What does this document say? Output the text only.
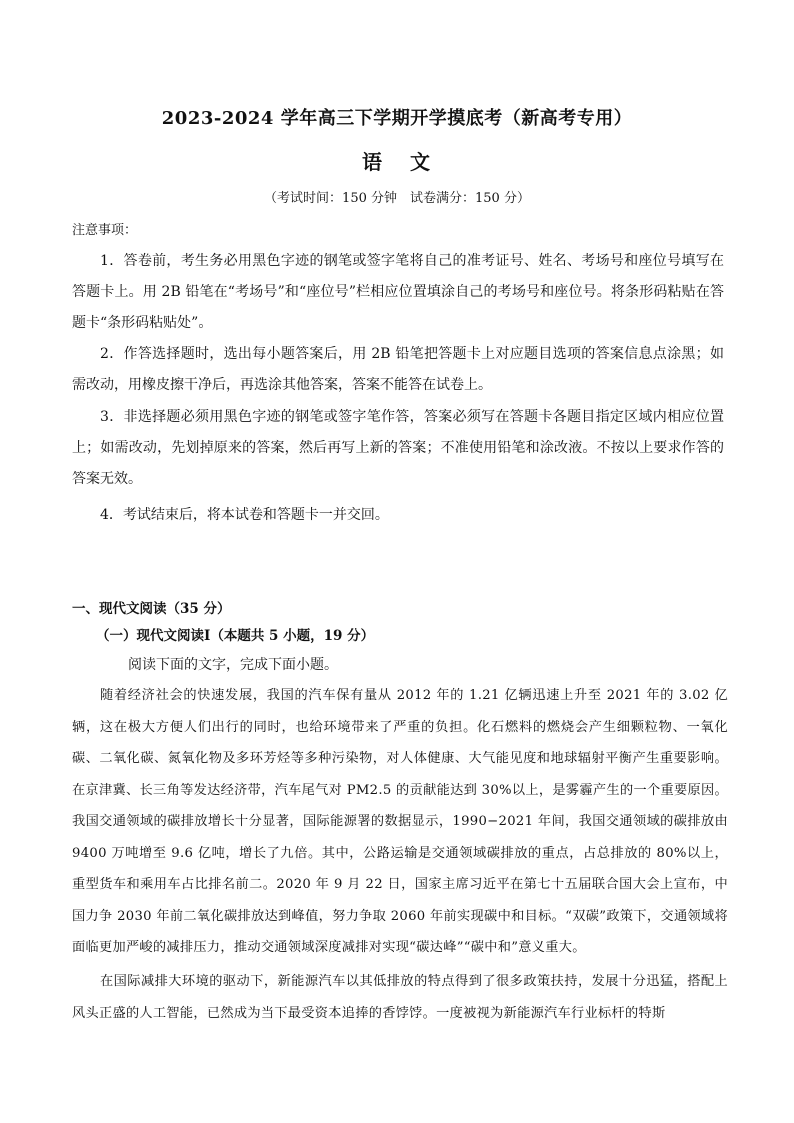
2023-2024 学年高三下学期开学摸底考（新高考专用）
语 文
（考试时间：150 分钟　试卷满分：150 分）
注意事项：
1．答卷前，考生务必用黑色字迹的钢笔或签字笔将自己的准考证号、姓名、考场号和座位号填写在答题卡上。用 2B 铅笔在“考场号”和“座位号”栏相应位置填涂自己的考场号和座位号。将条形码粘贴在答题卡“条形码粘贴处”。
2．作答选择题时，选出每小题答案后，用 2B 铅笔把答题卡上对应题目选项的答案信息点涂黑；如需改动，用橡皮擦干净后，再选涂其他答案，答案不能答在试卷上。
3．非选择题必须用黑色字迹的钢笔或签字笔作答，答案必须写在答题卡各题目指定区域内相应位置上；如需改动，先划掉原来的答案，然后再写上新的答案；不准使用铅笔和涂改液。不按以上要求作答的答案无效。
4．考试结束后，将本试卷和答题卡一并交回。
一、现代文阅读（35 分）
（一）现代文阅读Ⅰ（本题共 5 小题，19 分）
阅读下面的文字，完成下面小题。
随着经济社会的快速发展，我国的汽车保有量从 2012 年的 1.21 亿辆迅速上升至 2021 年的 3.02 亿辆，这在极大方便人们出行的同时，也给环境带来了严重的负担。化石燃料的燃烧会产生细颗粒物、一氧化碳、二氧化碳、氮氧化物及多环芳烃等多种污染物，对人体健康、大气能见度和地球辐射平衡产生重要影响。在京津冀、长三角等发达经济带，汽车尾气对 PM2.5 的贡献能达到 30%以上，是雾霾产生的一个重要原因。我国交通领域的碳排放增长十分显著，国际能源署的数据显示，1990−2021 年间，我国交通领域的碳排放由 9400 万吨增至 9.6 亿吨，增长了九倍。其中，公路运输是交通领域碳排放的重点，占总排放的 80%以上，重型货车和乘用车占比排名前二。2020 年 9 月 22 日，国家主席习近平在第七十五届联合国大会上宣布，中国力争 2030 年前二氧化碳排放达到峰值，努力争取 2060 年前实现碳中和目标。“双碳”政策下，交通领域将面临更加严峻的减排压力，推动交通领域深度减排对实现“碳达峰”“碳中和”意义重大。
在国际减排大环境的驱动下，新能源汽车以其低排放的特点得到了很多政策扶持，发展十分迅猛，搭配上风头正盛的人工智能，已然成为当下最受资本追捧的香饽饽。一度被视为新能源汽车行业标杆的特斯
